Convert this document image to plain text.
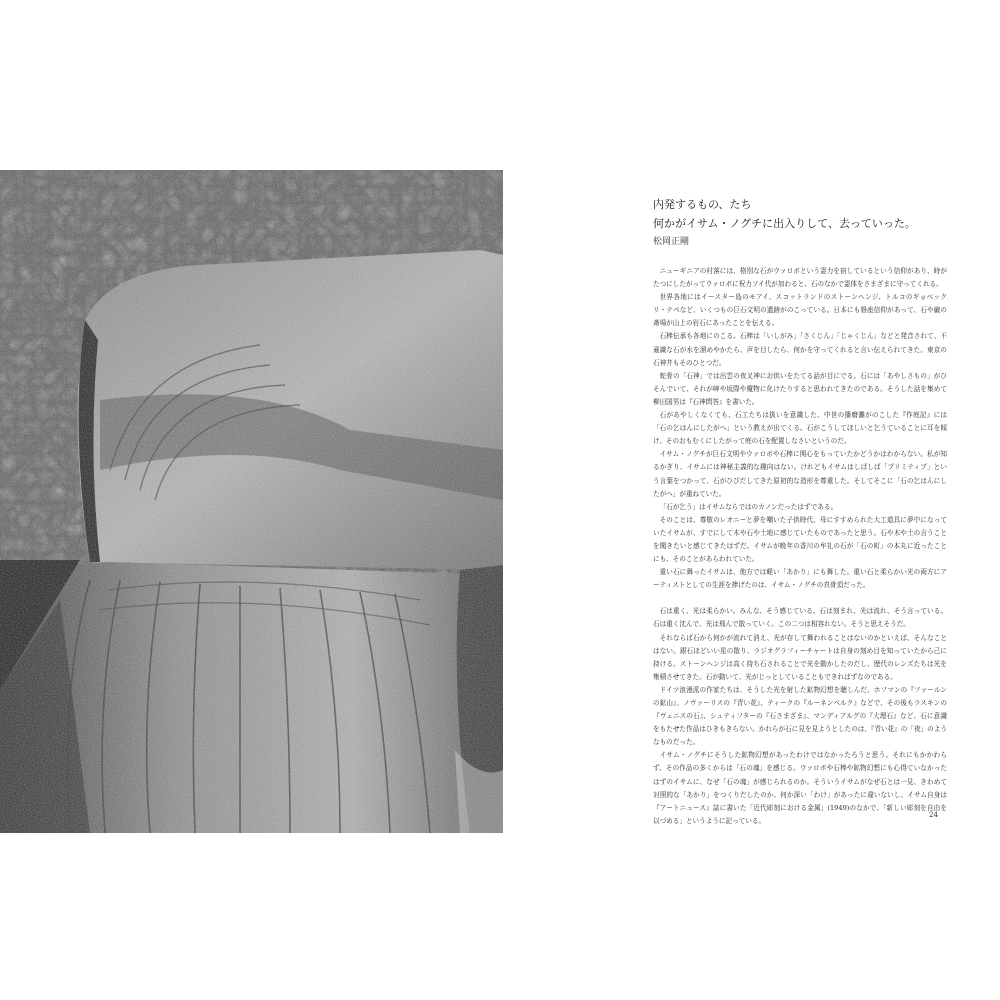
内発するもの、たち
何かがイサム・ノグチに出入りして、去っていった。
松岡正剛

ニューギニアの村落には、格別な石がウァロボという霊力を宿しているという信仰があり、時がたつにしたがってウァロボに祝力ソイ代が加わると、石のなかで霊体をさまざまに守ってくれる。

世界各地にはイースター島のモアイ、スコットランドのストーンヘンジ、トルコのギョベックリ・テペなど、いくつもの巨石文明の遺跡がのこっている。日本にも磐座信仰があって、石や巌の斎場が山上の岩石にあったことを伝える。

石棒伝承も各地にのこる。石棒は「いしがみ」「さくじん」「じゃくじん」などと発音されて、不遜識な石が水を溜めやかたら、声を目したら、何かを守ってくれると言い伝えられてきた。東京の石神井もそのひとつだ。

蛇骨の「石神」では出雲の夜叉神にお供いをたてる話が目にでる。石には「あやしさもの」がひそんでいて、それが岬や坂際や魔物に化けたりすると思われてきたのである。そうした話を集めて柳田国男は『石神問答』を書いた。

石があやしくなくても、石工たちは扱いを意識した。中世の播磨灘がのこした『作庭記』には「石の乞はんにしたがへ」という教えが出てくる。石がこうしてほしいと乞うていることに耳を傾け、そのおもむくにしたがって庭の石を配置しなさいというのだ。

イサム・ノグチが巨石文明やウァロボや石棒に関心をもっていたかどうかはわからない。私が知るかぎり、イサムには神秘主義的な趣向はない。けれどもイサムはしばしば「プリミティブ」という言葉をつかって、石がひびだしてきた原初的な造形を尊重した。そしてそこに「石の乞はんにしたがへ」が重ねていた。

「石が乞う」はイサムならではのカノンだったはずである。

そのことは、尊敬のレオニーと夢を嘲いた子供時代、母にすすめられた大工道具に夢中になっていたイサムが、すでにして木や石や土地に感じていたものであったと思う。石や木や土の言うことを聞きたいと感じてきたはずだ。イサムが晩年の香川の牟礼の石が「石の町」の本丸に近ったことにも、そのことがあらわれていた。

重い石に舞ったイサムは、他方では軽い「あかり」にも舞した。重い石と柔らかい光の両方にアーティストとしての生涯を捧げたのは、イサム・ノグチの真骨頂だった。

石は重く、光は柔らかい。みんな、そう感じている。石は刻まれ、光は流れ、そう言っている。石は重く沈んで、光は飛んで散っていく。この二つは相容れない。そうと思えそうだ。

それならば石から何かが流れて消え、光が存して舞われることはないのかといえば、そんなことはない。銀石ほどいい星の散り、ラジオグラフィーチャートは自身の刻め目を知っていたから己に持ける。ストーンヘンジは高く持ち石されることで光を動かしたのだし、歴代のレンズたちは光を集積させてきた。石が動いて、光がじっとしていることもできればずなのである。

ドイツ浪漫派の作家たちは、そうした光を射した鉱物幻想を聴しんだ。ホフマンの『ファールンの鉱山』、ノヴァーリスの『青い花』、ティークの『ルーネンベルク』などで、その後もラスキンの『ヴェニスの石』、シュティフターの『石さまざま』、マンディアルグの『大理石』など、石に意識をもたせた作品はひきもきらない。かれらが石に見を見ようとしたのは、『青い花』の「夜」のようなものだった。

イサム・ノグチにそうした鉱物幻想があったわけではなかったろうと思う。それにもかかわらず、その作品の多くからは「石の魂」を感じる。ウァロボや石棒や鉱物幻想にも心得ていなかったはずのイサムに、なぜ「石の魂」が感じられるのか。そういうイサムがなぜ石とは一見、きわめて対照的な「あかり」をつくりだしたのか。何か深い「わけ」があったに違いないし、イサム自身は『アートニュース』誌に書いた「近代彫刻における金属」(1949)のなかで、「新しい彫刻を自由を以づめる」というように記っている。

24
